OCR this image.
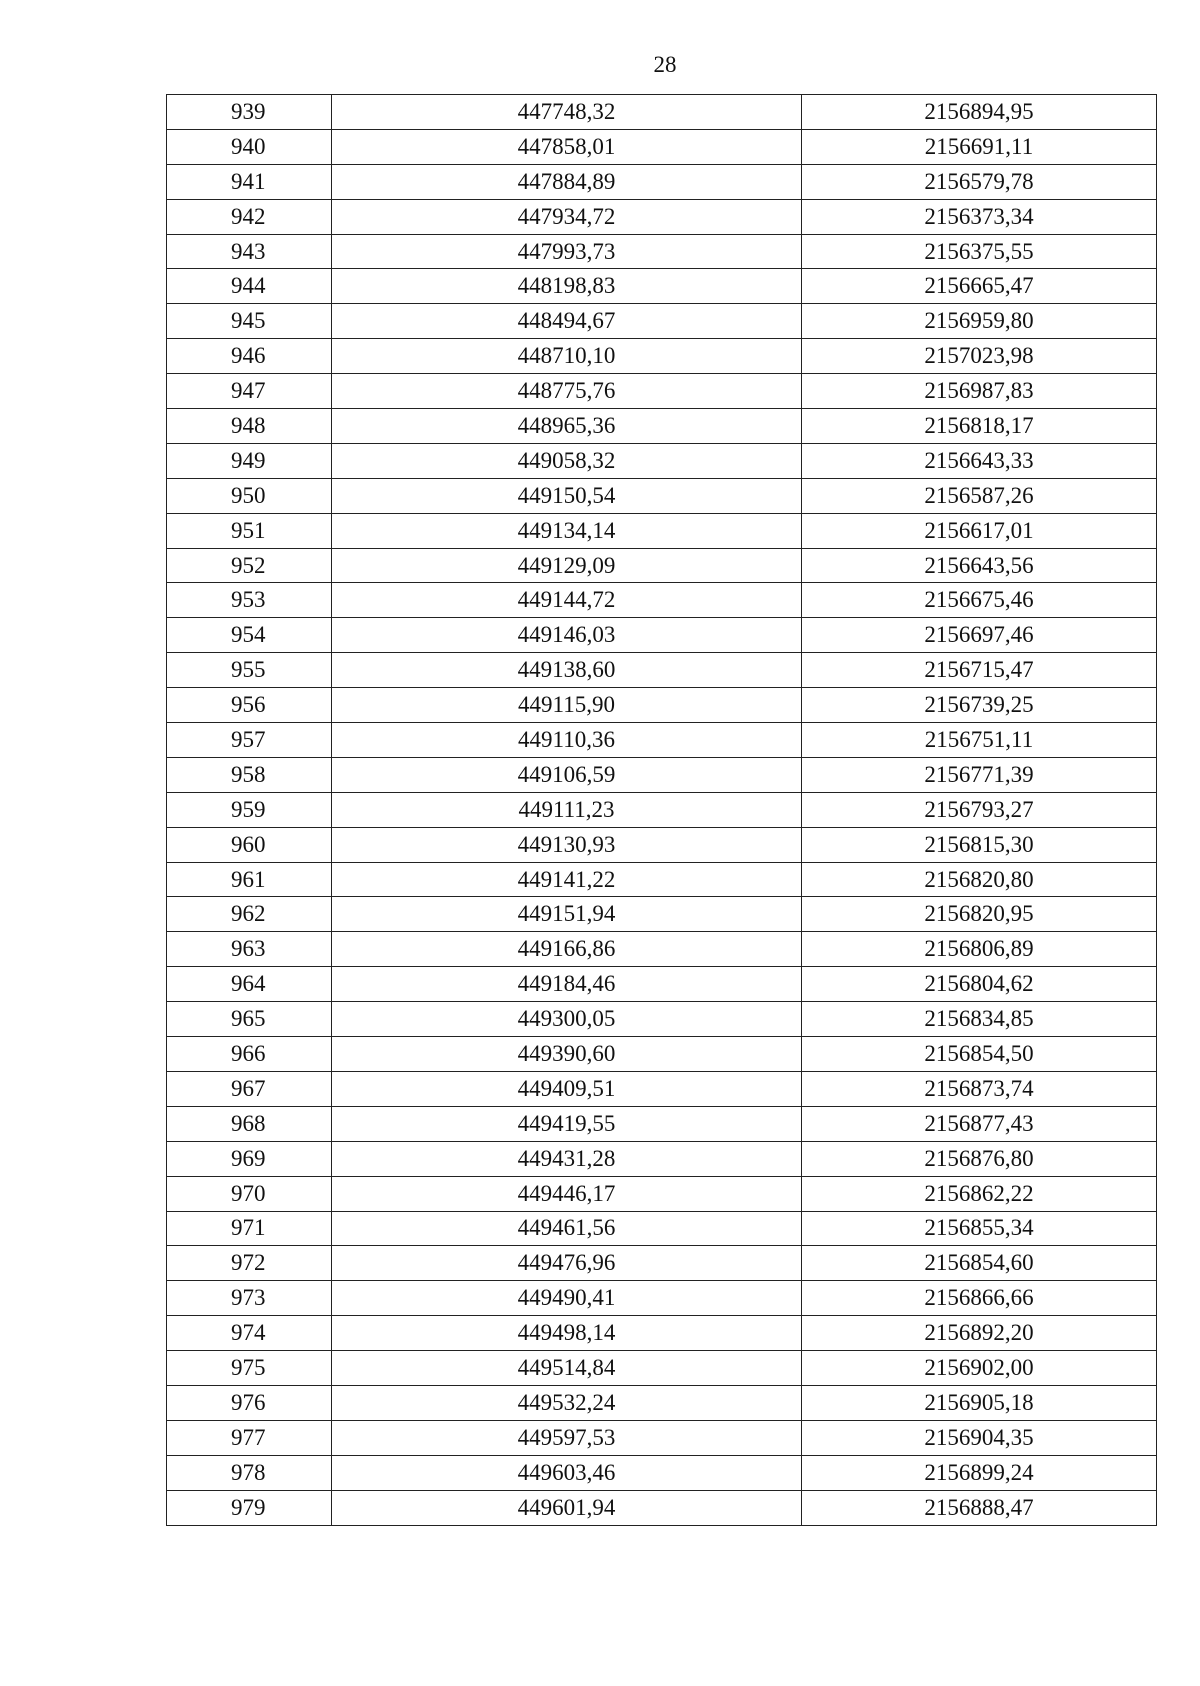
28
939	447748,32	2156894,95
940	447858,01	2156691,11
941	447884,89	2156579,78
942	447934,72	2156373,34
943	447993,73	2156375,55
944	448198,83	2156665,47
945	448494,67	2156959,80
946	448710,10	2157023,98
947	448775,76	2156987,83
948	448965,36	2156818,17
949	449058,32	2156643,33
950	449150,54	2156587,26
951	449134,14	2156617,01
952	449129,09	2156643,56
953	449144,72	2156675,46
954	449146,03	2156697,46
955	449138,60	2156715,47
956	449115,90	2156739,25
957	449110,36	2156751,11
958	449106,59	2156771,39
959	449111,23	2156793,27
960	449130,93	2156815,30
961	449141,22	2156820,80
962	449151,94	2156820,95
963	449166,86	2156806,89
964	449184,46	2156804,62
965	449300,05	2156834,85
966	449390,60	2156854,50
967	449409,51	2156873,74
968	449419,55	2156877,43
969	449431,28	2156876,80
970	449446,17	2156862,22
971	449461,56	2156855,34
972	449476,96	2156854,60
973	449490,41	2156866,66
974	449498,14	2156892,20
975	449514,84	2156902,00
976	449532,24	2156905,18
977	449597,53	2156904,35
978	449603,46	2156899,24
979	449601,94	2156888,47
